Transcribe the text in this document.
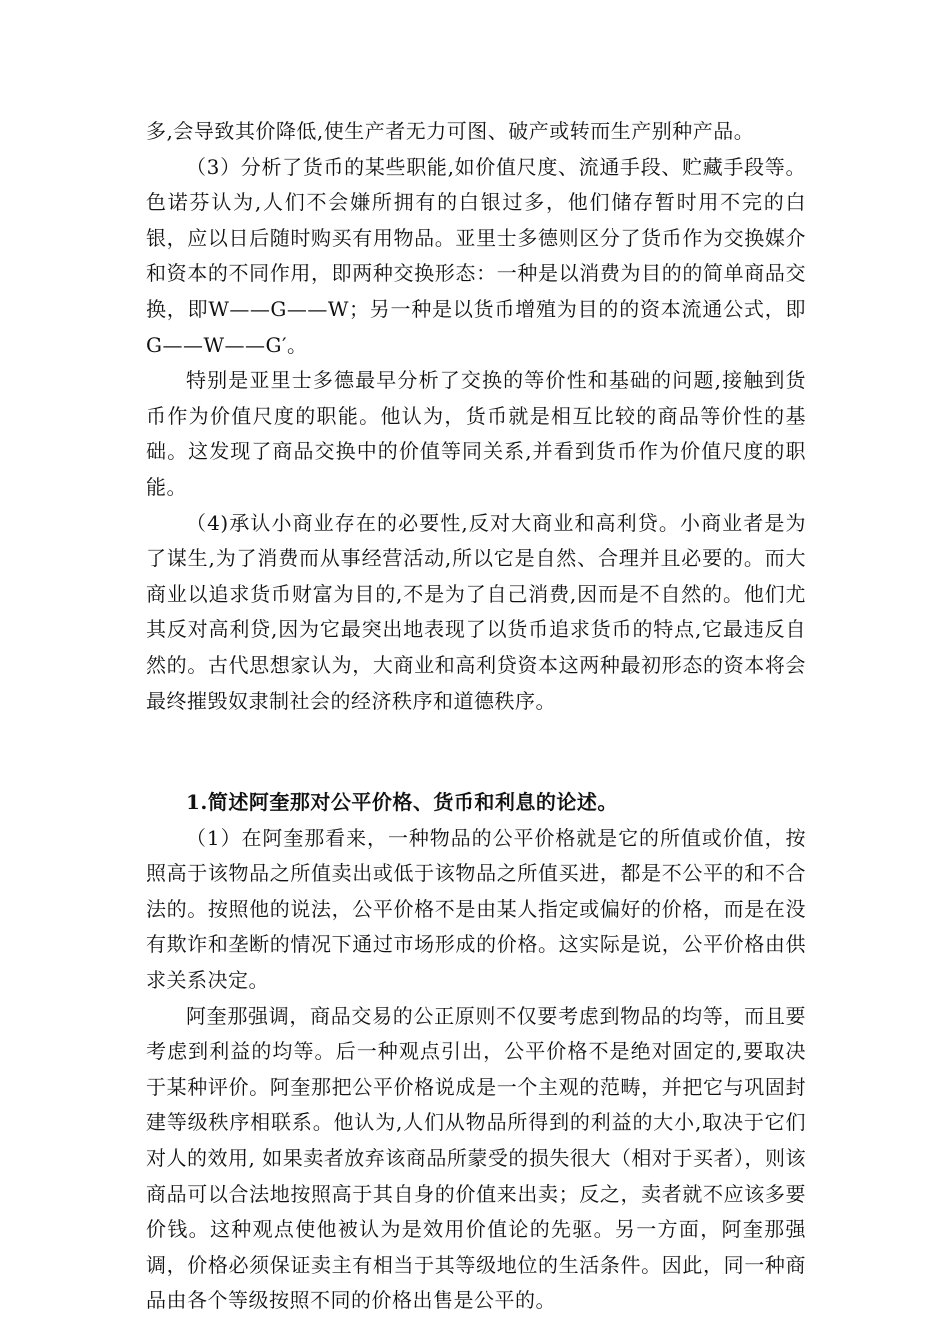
多,会导致其价降低,使生产者无力可图、破产或转而生产别种产品。

（3）分析了货币的某些职能,如价值尺度、流通手段、贮藏手段等。色诺芬认为,人们不会嫌所拥有的白银过多，他们储存暂时用不完的白银，应以日后随时购买有用物品。亚里士多德则区分了货币作为交换媒介和资本的不同作用，即两种交换形态：一种是以消费为目的的简单商品交换，即W——G——W；另一种是以货币增殖为目的的资本流通公式，即G——W——G′。

特别是亚里士多德最早分析了交换的等价性和基础的问题,接触到货币作为价值尺度的职能。他认为，货币就是相互比较的商品等价性的基础。这发现了商品交换中的价值等同关系,并看到货币作为价值尺度的职能。

（4)承认小商业存在的必要性,反对大商业和高利贷。小商业者是为了谋生,为了消费而从事经营活动,所以它是自然、合理并且必要的。而大商业以追求货币财富为目的,不是为了自己消费,因而是不自然的。他们尤其反对高利贷,因为它最突出地表现了以货币追求货币的特点,它最违反自然的。古代思想家认为，大商业和高利贷资本这两种最初形态的资本将会最终摧毁奴隶制社会的经济秩序和道德秩序。

1.简述阿奎那对公平价格、货币和利息的论述。

（1）在阿奎那看来，一种物品的公平价格就是它的所值或价值，按照高于该物品之所值卖出或低于该物品之所值买进，都是不公平的和不合法的。按照他的说法，公平价格不是由某人指定或偏好的价格，而是在没有欺诈和垄断的情况下通过市场形成的价格。这实际是说，公平价格由供求关系决定。

阿奎那强调，商品交易的公正原则不仅要考虑到物品的均等，而且要考虑到利益的均等。后一种观点引出，公平价格不是绝对固定的,要取决于某种评价。阿奎那把公平价格说成是一个主观的范畴，并把它与巩固封建等级秩序相联系。他认为,人们从物品所得到的利益的大小,取决于它们对人的效用, 如果卖者放弃该商品所蒙受的损失很大（相对于买者），则该商品可以合法地按照高于其自身的价值来出卖；反之，卖者就不应该多要价钱。这种观点使他被认为是效用价值论的先驱。另一方面，阿奎那强调，价格必须保证卖主有相当于其等级地位的生活条件。因此，同一种商品由各个等级按照不同的价格出售是公平的。
